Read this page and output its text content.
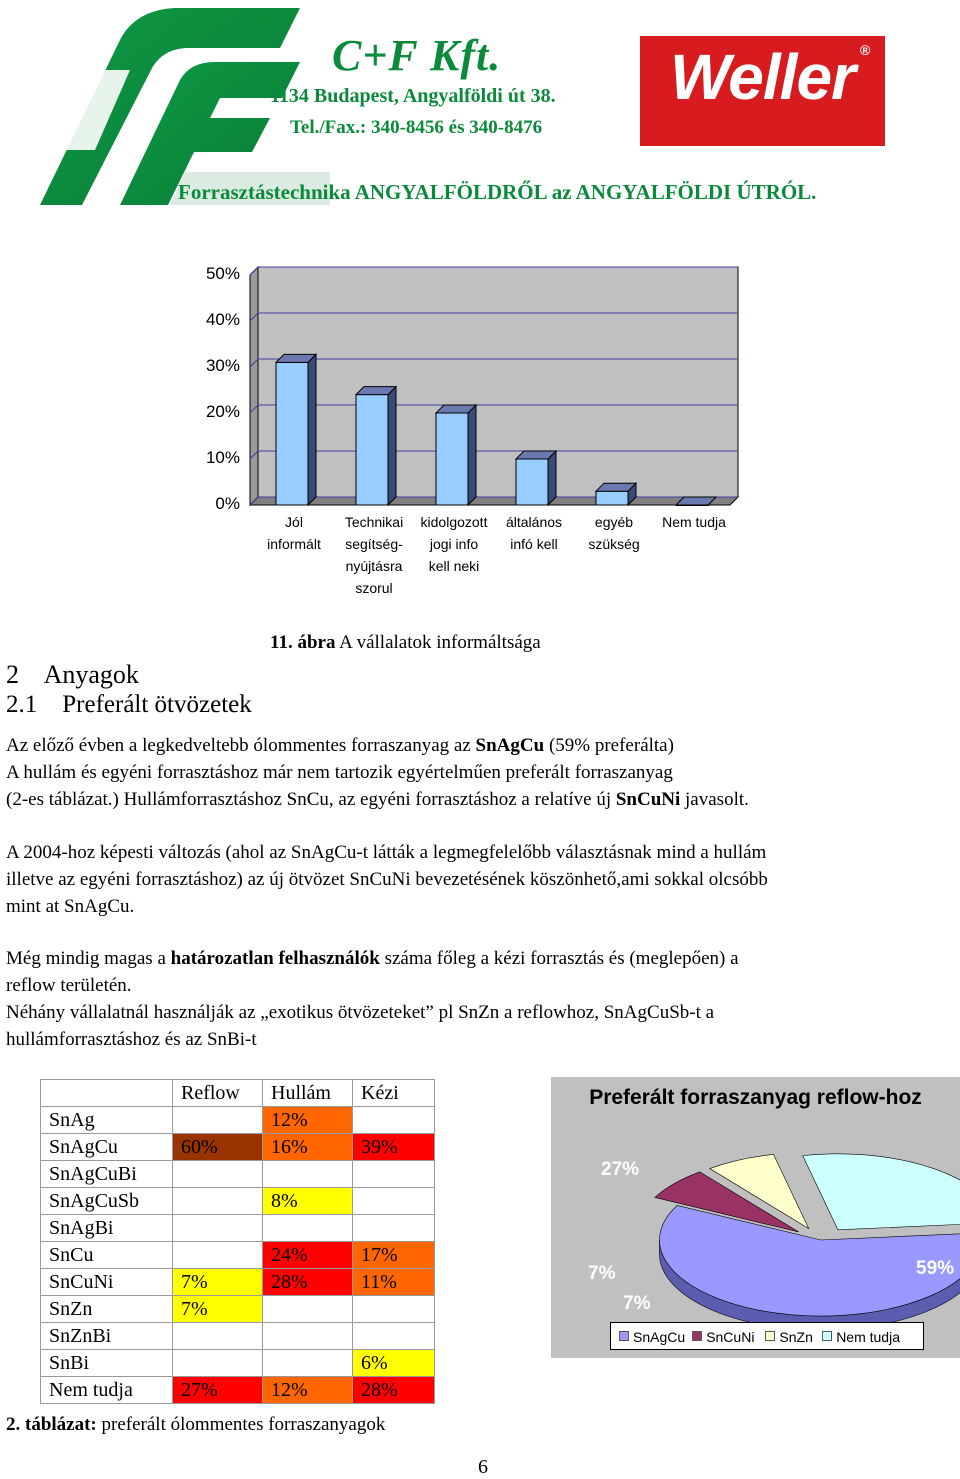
C+F Kft.
1134 Budapest, Angyalföldi út 38.
Tel./Fax.: 340-8456 és 340-8476
Weller ®
Márkaszaküzlet
Forrasztástechnika ANGYALFÖLDRŐL az ANGYALFÖLDI ÚTRÓL.
50%
40%
30%
20%
10%
0%
Jól
informált
Technikai
segítség-
nyújtásra
szorul
kidolgozott
jogi info
kell neki
általános
infó kell
egyéb
szükség
Nem tudja
11. ábra A vállalatok informáltsága
2    Anyagok
2.1    Preferált ötvözetek
Az előző évben a legkedveltebb ólommentes forraszanyag az SnAgCu (59% preferálta)
A hullám és egyéni forrasztáshoz már nem tartozik egyértelműen preferált forraszanyag
(2-es táblázat.) Hullámforrasztáshoz SnCu, az egyéni forrasztáshoz a relatíve új SnCuNi javasolt.
A 2004-hoz képesti változás (ahol az SnAgCu-t látták a legmegfelelőbb választásnak mind a hullám
illetve az egyéni forrasztáshoz) az új ötvözet SnCuNi bevezetésének köszönhető,ami sokkal olcsóbb
mint at SnAgCu.
Még mindig magas a határozatlan felhasználók száma főleg a kézi forrasztás és (meglepően) a
reflow területén.
Néhány vállalatnál használják az „exotikus ötvözeteket” pl SnZn a reflowhoz, SnAgCuSb-t a
hullámforrasztáshoz és az SnBi-t
	Reflow	Hullám	Kézi
SnAg		12%	
SnAgCu	60%	16%	39%
SnAgCuBi			
SnAgCuSb		8%	
SnAgBi			
SnCu		24%	17%
SnCuNi	7%	28%	11%
SnZn	7%		
SnZnBi			
SnBi			6%
Nem tudja	27%	12%	28%
2. táblázat: preferált ólommentes forraszanyagok
Preferált forraszanyag reflow-hoz
59%
7%
7%
27%
SnAgCu	SnCuNi	SnZn	Nem tudja
6
